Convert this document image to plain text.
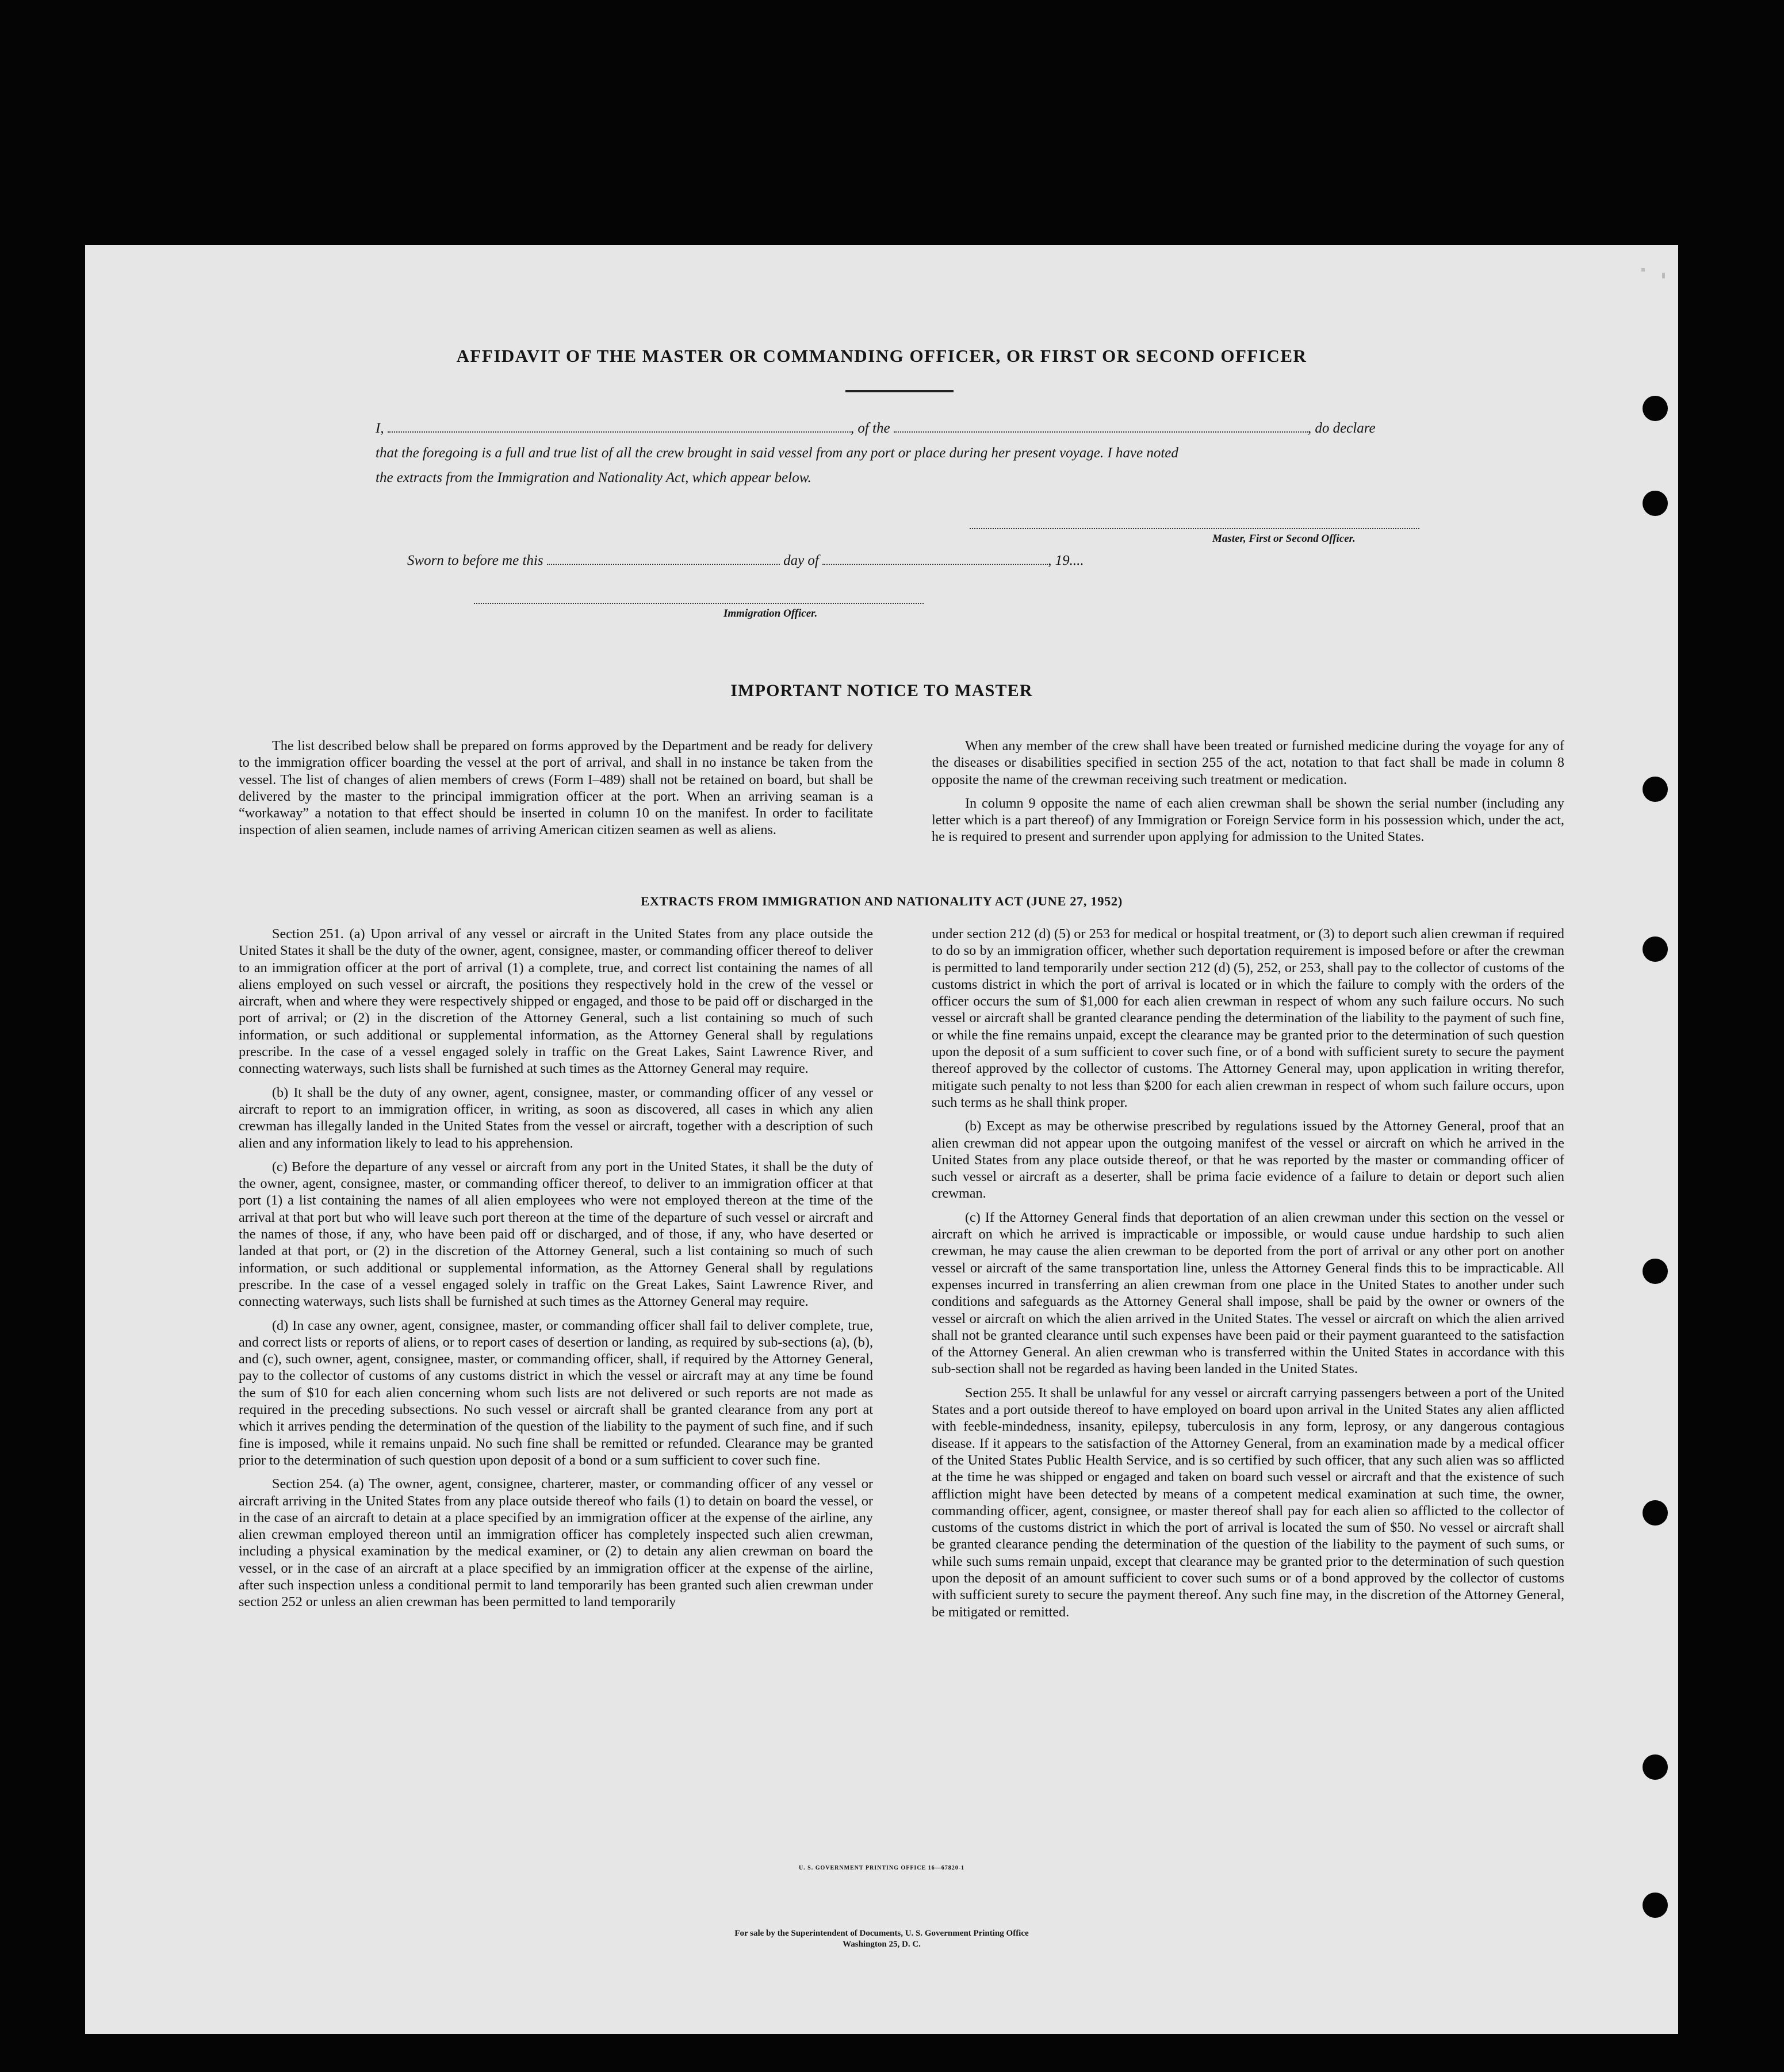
AFFIDAVIT OF THE MASTER OR COMMANDING OFFICER, OR FIRST OR SECOND OFFICER
I,	, of the	, do declare
that the foregoing is a full and true list of all the crew brought in said vessel from any port or place during her present voyage. I have noted
the extracts from the Immigration and Nationality Act, which appear below.
Master, First or Second Officer.
Sworn to before me this	day of	, 19....
Immigration Officer.
IMPORTANT NOTICE TO MASTER

The list described below shall be prepared on forms approved by the Department and be ready for delivery to the immigration officer boarding the vessel at the port of arrival, and shall in no instance be taken from the vessel. The list of changes of alien members of crews (Form I–489) shall not be retained on board, but shall be delivered by the master to the principal immigration officer at the port. When an arriving seaman is a “workaway” a notation to that effect should be inserted in column 10 on the manifest. In order to facilitate inspection of alien seamen, include names of arriving American citizen seamen as well as aliens.

When any member of the crew shall have been treated or furnished medicine during the voyage for any of the diseases or disabilities specified in section 255 of the act, notation to that fact shall be made in column 8 opposite the name of the crewman receiving such treatment or medication.

In column 9 opposite the name of each alien crewman shall be shown the serial number (including any letter which is a part thereof) of any Immigration or Foreign Service form in his possession which, under the act, he is required to present and surrender upon applying for admission to the United States.

EXTRACTS FROM IMMIGRATION AND NATIONALITY ACT (JUNE 27, 1952)

Section 251. (a) Upon arrival of any vessel or aircraft in the United States from any place outside the United States it shall be the duty of the owner, agent, consignee, master, or commanding officer thereof to deliver to an immigration officer at the port of arrival (1) a complete, true, and correct list containing the names of all aliens employed on such vessel or aircraft, the positions they respectively hold in the crew of the vessel or aircraft, when and where they were respectively shipped or engaged, and those to be paid off or discharged in the port of arrival; or (2) in the discretion of the Attorney General, such a list containing so much of such information, or such additional or supplemental information, as the Attorney General shall by regulations prescribe. In the case of a vessel engaged solely in traffic on the Great Lakes, Saint Lawrence River, and connecting waterways, such lists shall be furnished at such times as the Attorney General may require.

(b) It shall be the duty of any owner, agent, consignee, master, or commanding officer of any vessel or aircraft to report to an immigration officer, in writing, as soon as discovered, all cases in which any alien crewman has illegally landed in the United States from the vessel or aircraft, together with a description of such alien and any information likely to lead to his apprehension.

(c) Before the departure of any vessel or aircraft from any port in the United States, it shall be the duty of the owner, agent, consignee, master, or commanding officer thereof, to deliver to an immigration officer at that port (1) a list containing the names of all alien employees who were not employed thereon at the time of the arrival at that port but who will leave such port thereon at the time of the departure of such vessel or aircraft and the names of those, if any, who have been paid off or discharged, and of those, if any, who have deserted or landed at that port, or (2) in the discretion of the Attorney General, such a list containing so much of such information, or such additional or supplemental information, as the Attorney General shall by regulations prescribe. In the case of a vessel engaged solely in traffic on the Great Lakes, Saint Lawrence River, and connecting waterways, such lists shall be furnished at such times as the Attorney General may require.

(d) In case any owner, agent, consignee, master, or commanding officer shall fail to deliver complete, true, and correct lists or reports of aliens, or to report cases of desertion or landing, as required by sub-sections (a), (b), and (c), such owner, agent, consignee, master, or commanding officer, shall, if required by the Attorney General, pay to the collector of customs of any customs district in which the vessel or aircraft may at any time be found the sum of $10 for each alien concerning whom such lists are not delivered or such reports are not made as required in the preceding subsections. No such vessel or aircraft shall be granted clearance from any port at which it arrives pending the determination of the question of the liability to the payment of such fine, and if such fine is imposed, while it remains unpaid. No such fine shall be remitted or refunded. Clearance may be granted prior to the determination of such question upon deposit of a bond or a sum sufficient to cover such fine.

Section 254. (a) The owner, agent, consignee, charterer, master, or commanding officer of any vessel or aircraft arriving in the United States from any place outside thereof who fails (1) to detain on board the vessel, or in the case of an aircraft to detain at a place specified by an immigration officer at the expense of the airline, any alien crewman employed thereon until an immigration officer has completely inspected such alien crewman, including a physical examination by the medical examiner, or (2) to detain any alien crewman on board the vessel, or in the case of an aircraft at a place specified by an immigration officer at the expense of the airline, after such inspection unless a conditional permit to land temporarily has been granted such alien crewman under section 252 or unless an alien crewman has been permitted to land temporarily

under section 212 (d) (5) or 253 for medical or hospital treatment, or (3) to deport such alien crewman if required to do so by an immigration officer, whether such deportation requirement is imposed before or after the crewman is permitted to land temporarily under section 212 (d) (5), 252, or 253, shall pay to the collector of customs of the customs district in which the port of arrival is located or in which the failure to comply with the orders of the officer occurs the sum of $1,000 for each alien crewman in respect of whom any such failure occurs. No such vessel or aircraft shall be granted clearance pending the determination of the liability to the payment of such fine, or while the fine remains unpaid, except the clearance may be granted prior to the determination of such question upon the deposit of a sum sufficient to cover such fine, or of a bond with sufficient surety to secure the payment thereof approved by the collector of customs. The Attorney General may, upon application in writing therefor, mitigate such penalty to not less than $200 for each alien crewman in respect of whom such failure occurs, upon such terms as he shall think proper.

(b) Except as may be otherwise prescribed by regulations issued by the Attorney General, proof that an alien crewman did not appear upon the outgoing manifest of the vessel or aircraft on which he arrived in the United States from any place outside thereof, or that he was reported by the master or commanding officer of such vessel or aircraft as a deserter, shall be prima facie evidence of a failure to detain or deport such alien crewman.

(c) If the Attorney General finds that deportation of an alien crewman under this section on the vessel or aircraft on which he arrived is impracticable or impossible, or would cause undue hardship to such alien crewman, he may cause the alien crewman to be deported from the port of arrival or any other port on another vessel or aircraft of the same transportation line, unless the Attorney General finds this to be impracticable. All expenses incurred in transferring an alien crewman from one place in the United States to another under such conditions and safeguards as the Attorney General shall impose, shall be paid by the owner or owners of the vessel or aircraft on which the alien arrived in the United States. The vessel or aircraft on which the alien arrived shall not be granted clearance until such expenses have been paid or their payment guaranteed to the satisfaction of the Attorney General. An alien crewman who is transferred within the United States in accordance with this sub-section shall not be regarded as having been landed in the United States.

Section 255. It shall be unlawful for any vessel or aircraft carrying passengers between a port of the United States and a port outside thereof to have employed on board upon arrival in the United States any alien afflicted with feeble-mindedness, insanity, epilepsy, tuberculosis in any form, leprosy, or any dangerous contagious disease. If it appears to the satisfaction of the Attorney General, from an examination made by a medical officer of the United States Public Health Service, and is so certified by such officer, that any such alien was so afflicted at the time he was shipped or engaged and taken on board such vessel or aircraft and that the existence of such affliction might have been detected by means of a competent medical examination at such time, the owner, commanding officer, agent, consignee, or master thereof shall pay for each alien so afflicted to the collector of customs of the customs district in which the port of arrival is located the sum of $50. No vessel or aircraft shall be granted clearance pending the determination of the question of the liability to the payment of such sums, or while such sums remain unpaid, except that clearance may be granted prior to the determination of such question upon the deposit of an amount sufficient to cover such sums or of a bond approved by the collector of customs with sufficient surety to secure the payment thereof. Any such fine may, in the discretion of the Attorney General, be mitigated or remitted.

U. S. GOVERNMENT PRINTING OFFICE 16—67820-1
For sale by the Superintendent of Documents, U. S. Government Printing Office
Washington 25, D. C.
